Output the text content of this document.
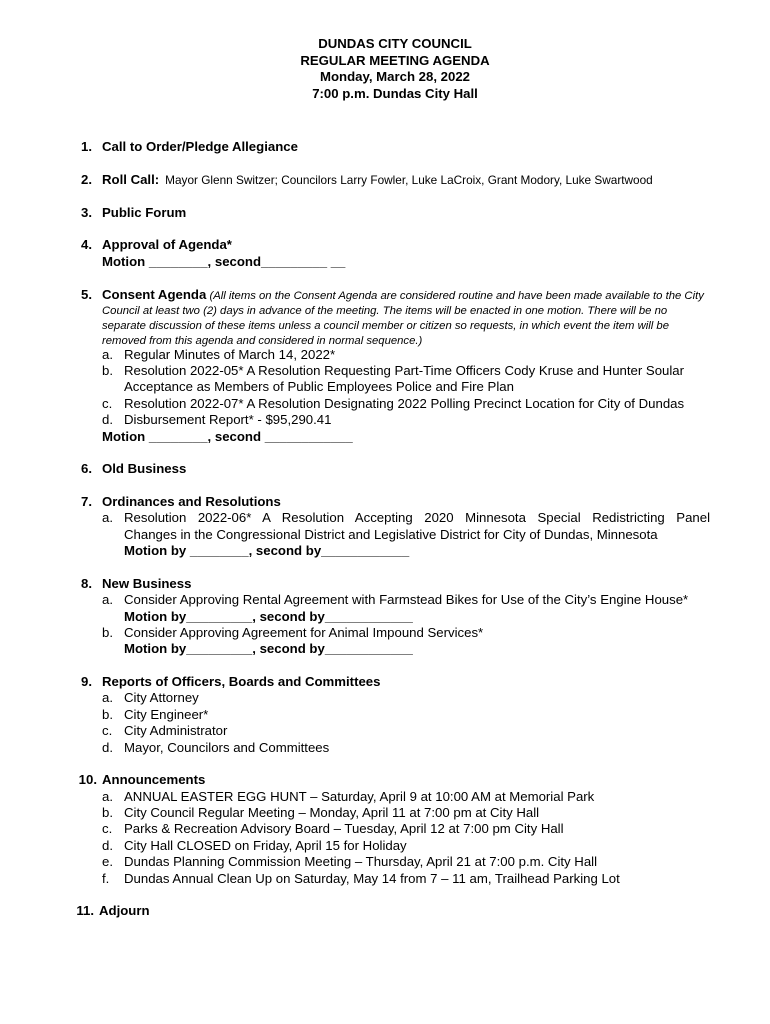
DUNDAS CITY COUNCIL
REGULAR MEETING AGENDA
Monday, March 28, 2022
7:00 p.m. Dundas City Hall
1. Call to Order/Pledge Allegiance
2. Roll Call: Mayor Glenn Switzer; Councilors Larry Fowler, Luke LaCroix, Grant Modory, Luke Swartwood
3. Public Forum
4. Approval of Agenda*
Motion ________, second_________ __
5. Consent Agenda (All items on the Consent Agenda are considered routine and have been made available to the City Council at least two (2) days in advance of the meeting. The items will be enacted in one motion. There will be no separate discussion of these items unless a council member or citizen so requests, in which event the item will be removed from this agenda and considered in normal sequence.)
a. Regular Minutes of March 14, 2022*
b. Resolution 2022-05* A Resolution Requesting Part-Time Officers Cody Kruse and Hunter Soular
Acceptance as Members of Public Employees Police and Fire Plan
c. Resolution 2022-07* A Resolution Designating 2022 Polling Precinct Location for City of Dundas
d. Disbursement Report* - $95,290.41
Motion ________, second ____________
6. Old Business
7. Ordinances and Resolutions
a. Resolution 2022-06* A Resolution Accepting 2020 Minnesota Special Redistricting Panel
Changes in the Congressional District and Legislative District for City of Dundas, Minnesota
Motion by ________, second by____________
8. New Business
a. Consider Approving Rental Agreement with Farmstead Bikes for Use of the City’s Engine House*
Motion by_________, second by____________
b. Consider Approving Agreement for Animal Impound Services*
Motion by_________, second by____________
9. Reports of Officers, Boards and Committees
a. City Attorney
b. City Engineer*
c. City Administrator
d. Mayor, Councilors and Committees
10. Announcements
a. ANNUAL EASTER EGG HUNT – Saturday, April 9 at 10:00 AM at Memorial Park
b. City Council Regular Meeting – Monday, April 11 at 7:00 pm at City Hall
c. Parks & Recreation Advisory Board – Tuesday, April 12 at 7:00 pm City Hall
d. City Hall CLOSED on Friday, April 15 for Holiday
e. Dundas Planning Commission Meeting – Thursday, April 21 at 7:00 p.m. City Hall
f. Dundas Annual Clean Up on Saturday, May 14 from 7 – 11 am, Trailhead Parking Lot
11. Adjourn
